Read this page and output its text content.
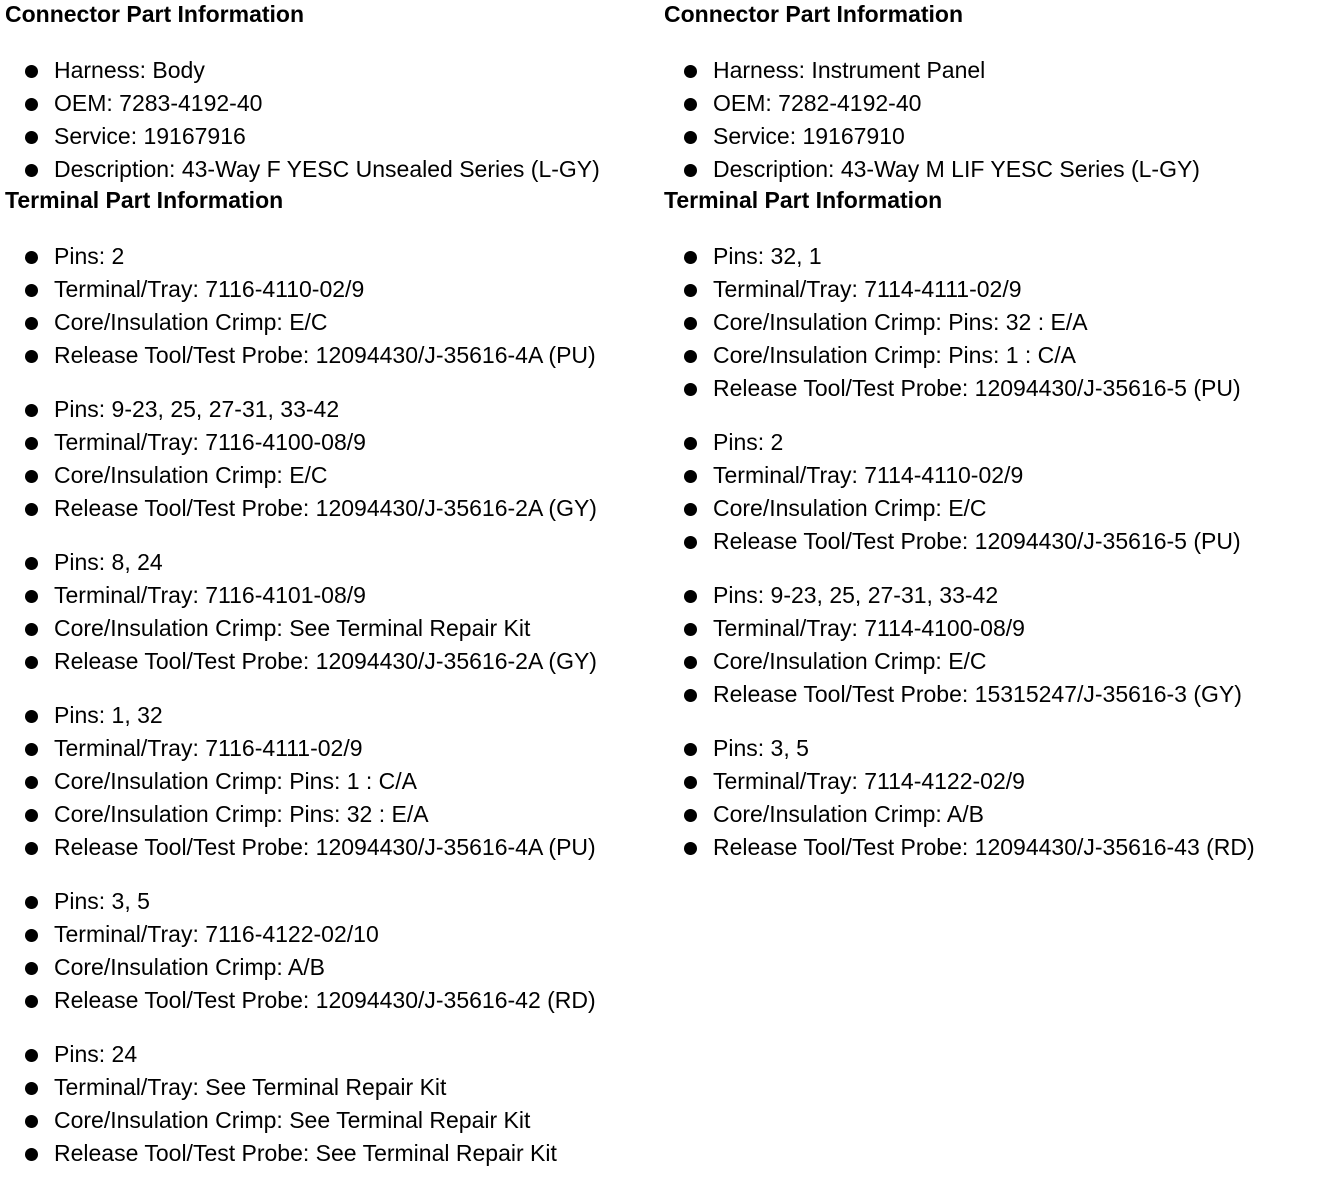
Connector Part Information
Harness: Body
OEM: 7283-4192-40
Service: 19167916
Description: 43-Way F YESC Unsealed Series (L-GY)
Terminal Part Information
Pins: 2
Terminal/Tray: 7116-4110-02/9
Core/Insulation Crimp: E/C
Release Tool/Test Probe: 12094430/J-35616-4A (PU)
Pins: 9-23, 25, 27-31, 33-42
Terminal/Tray: 7116-4100-08/9
Core/Insulation Crimp: E/C
Release Tool/Test Probe: 12094430/J-35616-2A (GY)
Pins: 8, 24
Terminal/Tray: 7116-4101-08/9
Core/Insulation Crimp: See Terminal Repair Kit
Release Tool/Test Probe: 12094430/J-35616-2A (GY)
Pins: 1, 32
Terminal/Tray: 7116-4111-02/9
Core/Insulation Crimp: Pins: 1 : C/A
Core/Insulation Crimp: Pins: 32 : E/A
Release Tool/Test Probe: 12094430/J-35616-4A (PU)
Pins: 3, 5
Terminal/Tray: 7116-4122-02/10
Core/Insulation Crimp: A/B
Release Tool/Test Probe: 12094430/J-35616-42 (RD)
Pins: 24
Terminal/Tray: See Terminal Repair Kit
Core/Insulation Crimp: See Terminal Repair Kit
Release Tool/Test Probe: See Terminal Repair Kit
Connector Part Information
Harness: Instrument Panel
OEM: 7282-4192-40
Service: 19167910
Description: 43-Way M LIF YESC Series (L-GY)
Terminal Part Information
Pins: 32, 1
Terminal/Tray: 7114-4111-02/9
Core/Insulation Crimp: Pins: 32 : E/A
Core/Insulation Crimp: Pins: 1 : C/A
Release Tool/Test Probe: 12094430/J-35616-5 (PU)
Pins: 2
Terminal/Tray: 7114-4110-02/9
Core/Insulation Crimp: E/C
Release Tool/Test Probe: 12094430/J-35616-5 (PU)
Pins: 9-23, 25, 27-31, 33-42
Terminal/Tray: 7114-4100-08/9
Core/Insulation Crimp: E/C
Release Tool/Test Probe: 15315247/J-35616-3 (GY)
Pins: 3, 5
Terminal/Tray: 7114-4122-02/9
Core/Insulation Crimp: A/B
Release Tool/Test Probe: 12094430/J-35616-43 (RD)
